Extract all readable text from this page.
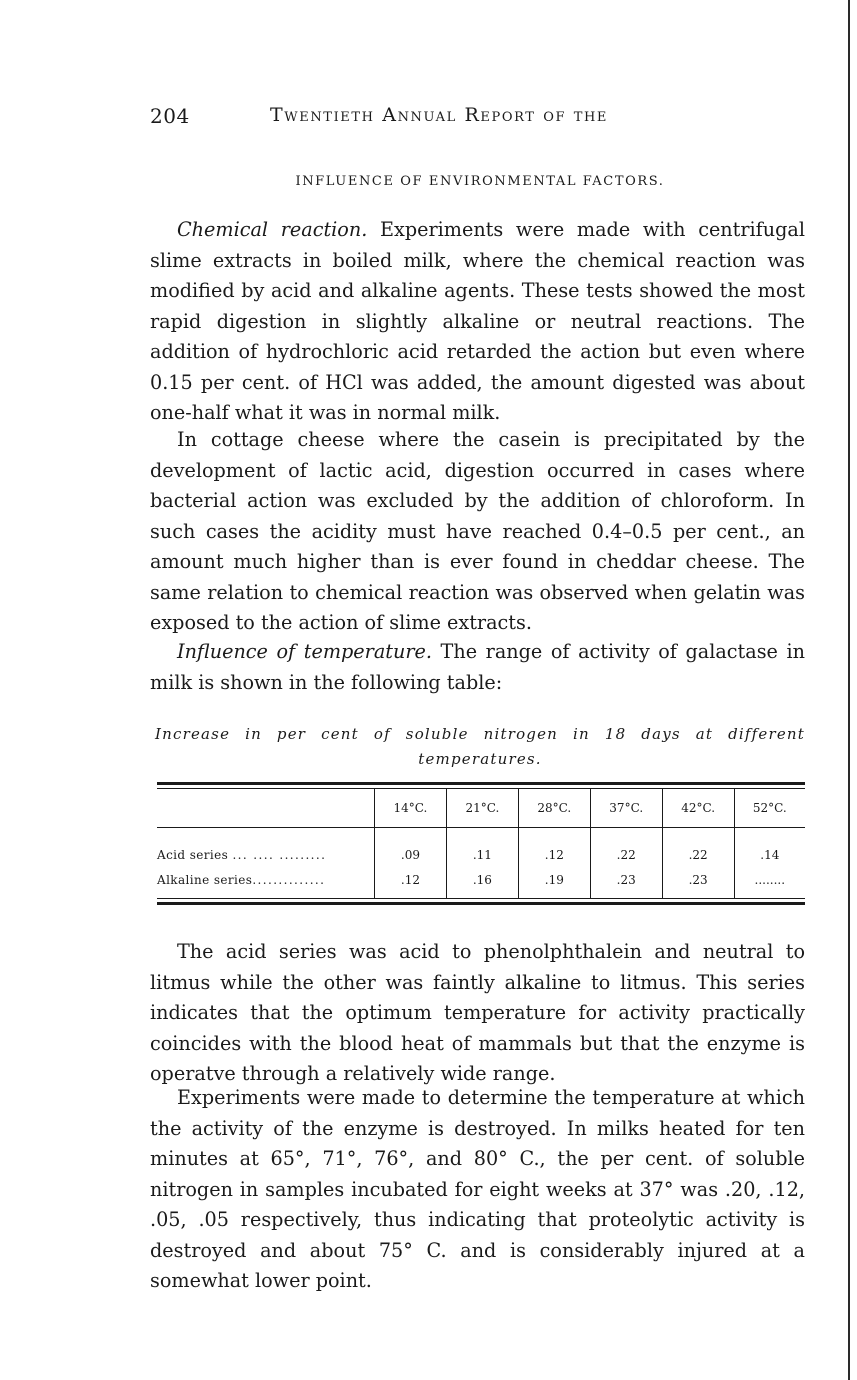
204	Twentieth Annual Report of the
INFLUENCE OF ENVIRONMENTAL FACTORS.

Chemical reaction. Experiments were made with centrifugal slime extracts in boiled milk, where the chemical reaction was modified by acid and alkaline agents. These tests showed the most rapid digestion in slightly alkaline or neutral reactions. The addition of hydrochloric acid retarded the action but even where 0.15 per cent. of HCl was added, the amount digested was about one-half what it was in normal milk.

In cottage cheese where the casein is precipitated by the development of lactic acid, digestion occurred in cases where bacterial action was excluded by the addition of chloroform. In such cases the acidity must have reached 0.4–0.5 per cent., an amount much higher than is ever found in cheddar cheese. The same relation to chemical reaction was observed when gelatin was exposed to the action of slime extracts.

Influence of temperature. The range of activity of galactase in milk is shown in the following table:

Increase in per cent of soluble nitrogen in 18 days at different
temperatures.
	14°C.	21°C.	28°C.	37°C.	42°C.	52°C.
Acid series ... .... .........	.09	.11	.12	.22	.22	.14
Alkaline series..............	.12	.16	.19	.23	.23	........

The acid series was acid to phenolphthalein and neutral to litmus while the other was faintly alkaline to litmus. This series indicates that the optimum temperature for activity practically coincides with the blood heat of mammals but that the enzyme is operatve through a relatively wide range.

Experiments were made to determine the temperature at which the activity of the enzyme is destroyed. In milks heated for ten minutes at 65°, 71°, 76°, and 80° C., the per cent. of soluble nitrogen in samples incubated for eight weeks at 37° was .20, .12, .05, .05 respectively, thus indicating that proteolytic activity is destroyed and about 75° C. and is considerably injured at a somewhat lower point.
